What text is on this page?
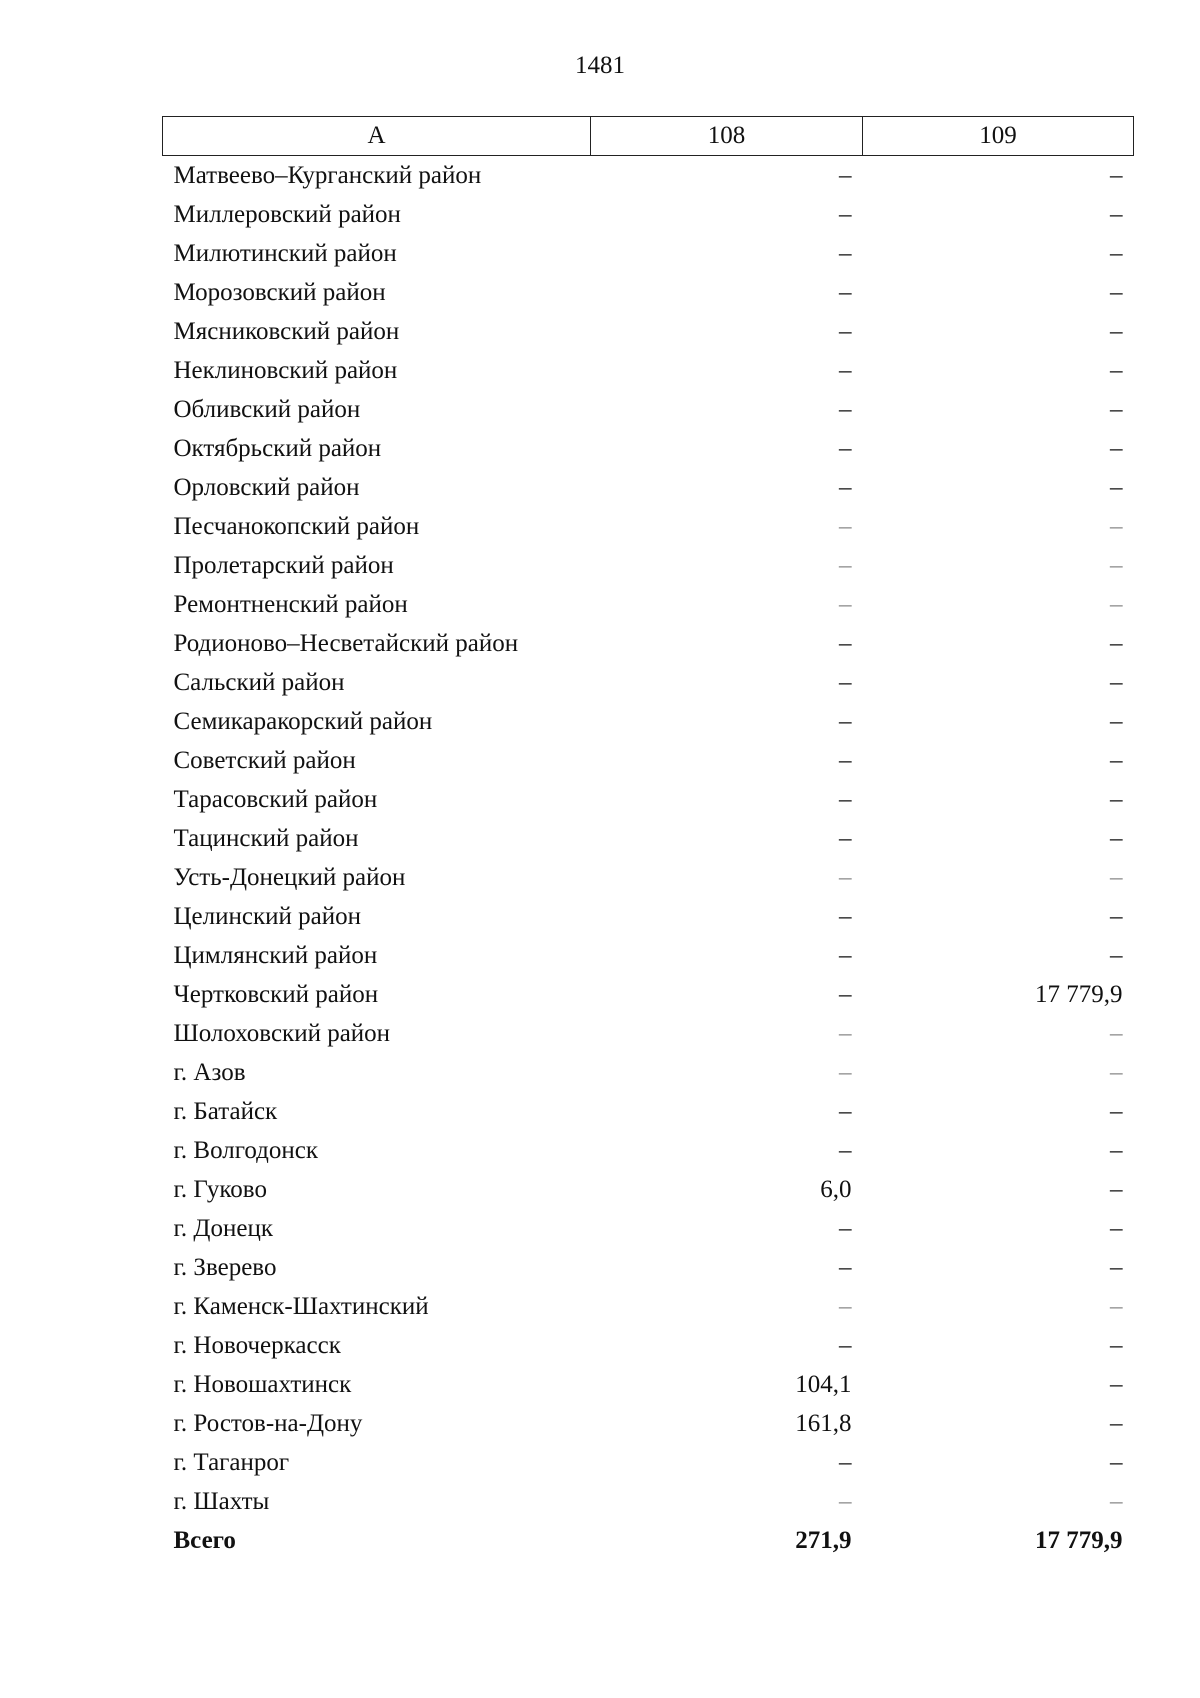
1481
А	108	109
Матвеево–Курганский район	–	–
Миллеровский район	–	–
Милютинский район	–	–
Морозовский район	–	–
Мясниковский район	–	–
Неклиновский район	–	–
Обливский район	–	–
Октябрьский район	–	–
Орловский район	–	–
Песчанокопский район	–	–
Пролетарский район	–	–
Ремонтненский район	–	–
Родионово–Несветайский район	–	–
Сальский район	–	–
Семикаракорский район	–	–
Советский район	–	–
Тарасовский район	–	–
Тацинский район	–	–
Усть-Донецкий район	–	–
Целинский район	–	–
Цимлянский район	–	–
Чертковский район	–	17 779,9
Шолоховский район	–	–
г. Азов	–	–
г. Батайск	–	–
г. Волгодонск	–	–
г. Гуково	6,0	–
г. Донецк	–	–
г. Зверево	–	–
г. Каменск-Шахтинский	–	–
г. Новочеркасск	–	–
г. Новошахтинск	104,1	–
г. Ростов-на-Дону	161,8	–
г. Таганрог	–	–
г. Шахты	–	–
Всего	271,9	17 779,9
